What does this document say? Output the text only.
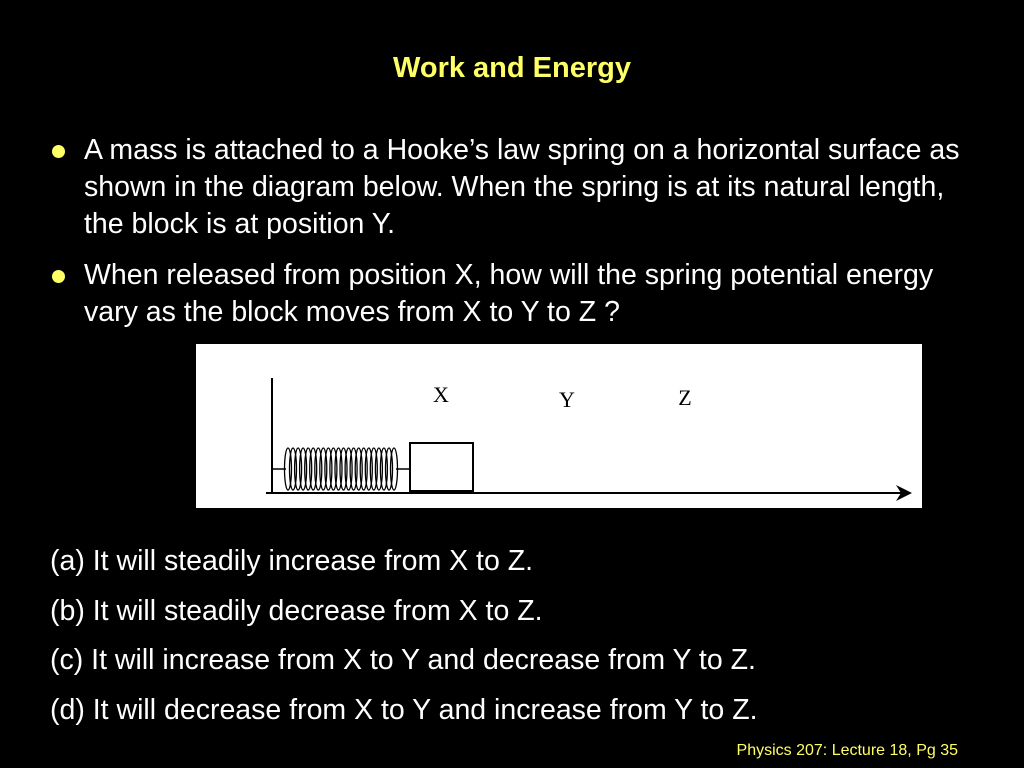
Work and Energy
A mass is attached to a Hooke’s law spring on a horizontal surface as shown in the diagram below. When the spring is at its natural length, the block is at position Y.
When released from position X, how will the spring potential energy vary as the block moves from X to Y to Z ?
X	Y	Z
(a) It will steadily increase from X to Z.
(b) It will steadily decrease from X to Z.
(c) It will increase from X to Y and decrease from Y to Z.
(d) It will decrease from X to Y and increase from Y to Z.
Physics 207: Lecture 18, Pg 35
